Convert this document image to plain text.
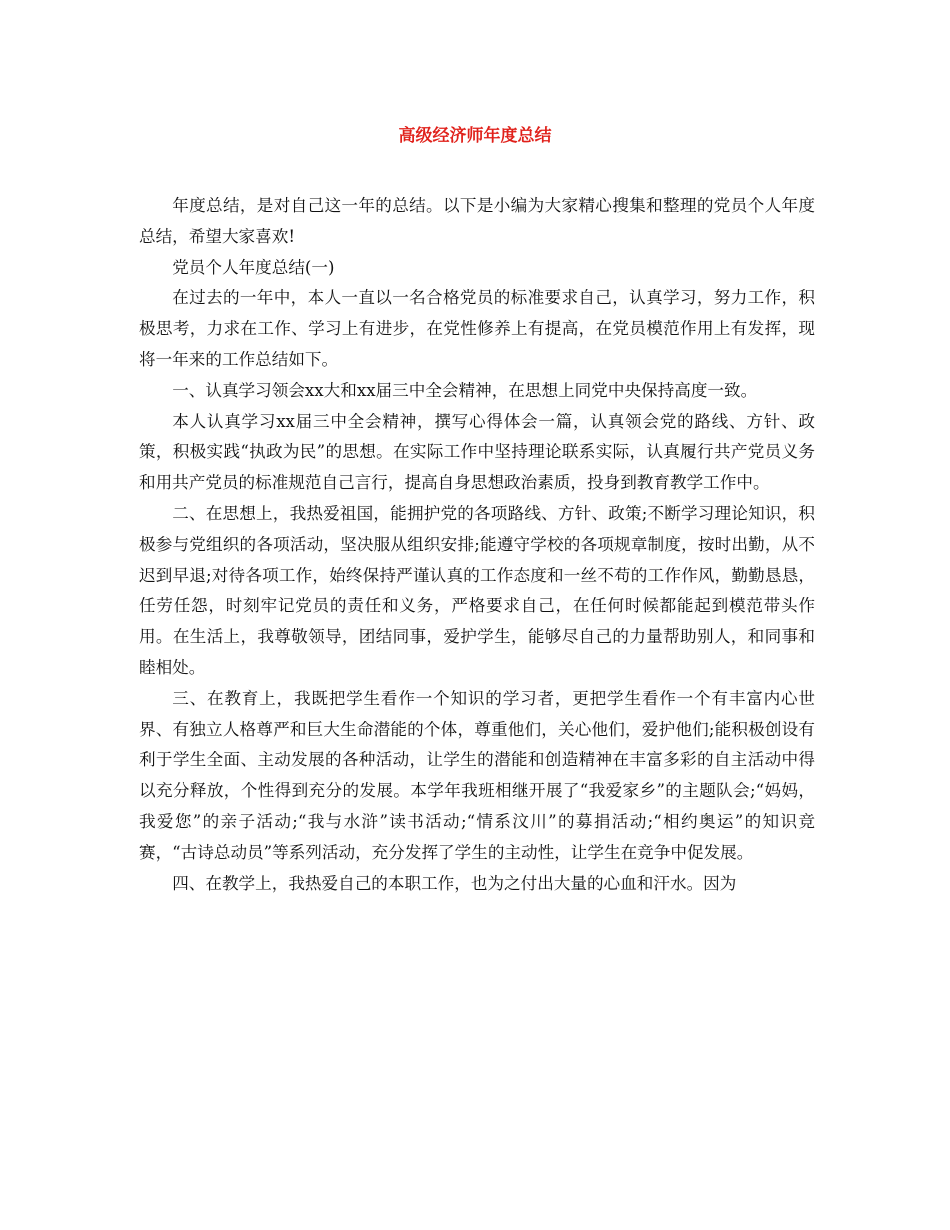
高级经济师年度总结

年度总结，是对自己这一年的总结。以下是小编为大家精心搜集和整理的党员个人年度总结，希望大家喜欢!

党员个人年度总结(一)

在过去的一年中，本人一直以一名合格党员的标准要求自己，认真学习，努力工作，积极思考，力求在工作、学习上有进步，在党性修养上有提高，在党员模范作用上有发挥，现将一年来的工作总结如下。

一、认真学习领会xx大和xx届三中全会精神，在思想上同党中央保持高度一致。

本人认真学习xx届三中全会精神，撰写心得体会一篇，认真领会党的路线、方针、政策，积极实践“执政为民”的思想。在实际工作中坚持理论联系实际，认真履行共产党员义务和用共产党员的标准规范自己言行，提高自身思想政治素质，投身到教育教学工作中。

二、在思想上，我热爱祖国，能拥护党的各项路线、方针、政策;不断学习理论知识，积极参与党组织的各项活动，坚决服从组织安排;能遵守学校的各项规章制度，按时出勤，从不迟到早退;对待各项工作，始终保持严谨认真的工作态度和一丝不苟的工作作风，勤勤恳恳，任劳任怨，时刻牢记党员的责任和义务，严格要求自己，在任何时候都能起到模范带头作用。在生活上，我尊敬领导，团结同事，爱护学生，能够尽自己的力量帮助别人，和同事和睦相处。

三、在教育上，我既把学生看作一个知识的学习者，更把学生看作一个有丰富内心世界、有独立人格尊严和巨大生命潜能的个体，尊重他们，关心他们，爱护他们;能积极创设有利于学生全面、主动发展的各种活动，让学生的潜能和创造精神在丰富多彩的自主活动中得以充分释放，个性得到充分的发展。本学年我班相继开展了“我爱家乡”的主题队会;“妈妈，我爱您”的亲子活动;“我与水浒”读书活动;“情系汶川”的募捐活动;“相约奥运”的知识竞赛，“古诗总动员”等系列活动，充分发挥了学生的主动性，让学生在竞争中促发展。

四、在教学上，我热爱自己的本职工作，也为之付出大量的心血和汗水。因为
